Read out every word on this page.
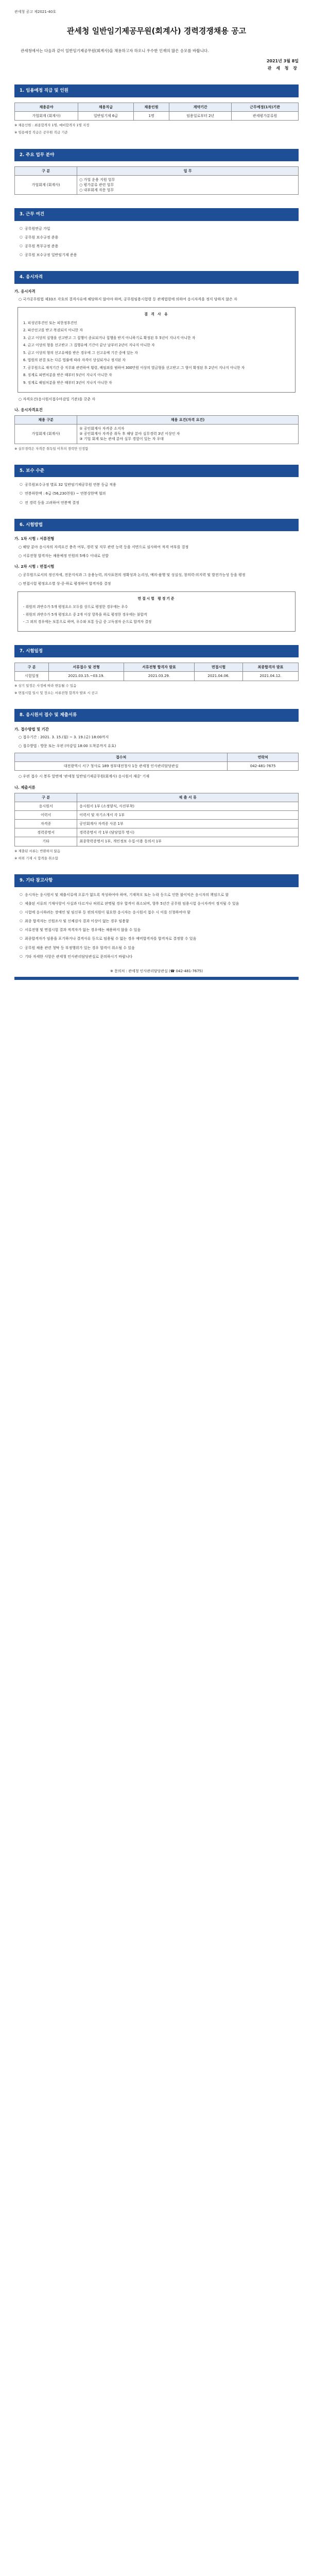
관세청 공고 제2021-40호
관세청 일반임기제공무원(회계사) 경력경쟁채용 공고

관세청에서는 다음과 같이 일반임기제공무원(회계사)을 채용하고자 하오니 우수한 인재의 많은 응모를 바랍니다.

2021년 3월 8일
관 세 청 장
1. 임용예정 직급 및 인원
채용분야	채용직급	채용인원	계약기간	근무예정(1차)기관
가업회계 (회계사)	일반임기제 6급	1명	임용일로부터 2년	관세평가분류원
※ 채용인원 : 최종합격자 1명, 예비합격자 1명 지정
※ 임용예정 직급은 공무원 직급 기준
2. 주요 업무 분야
구 분	업 무
가업회계 (회계사)	○ 가업 운용 지원 업무
○ 평가분류 관련 업무
○ 내부회계 자문 업무
3. 근무 여건
○ 공무원연금 가입
○ 공무원 보수규정 준용
○ 공무원 복무규정 준용
○ 공무원 보수규정 일반임기제 준용
4. 응시자격
가. 응시자격

○ 국가공무원법 제33조 각호의 결격사유에 해당하지 않아야 하며, 공무원임용시험령 등 관계법령에 의하여 응시자격을 정지 당하지 않은 자

결 격 사 유

1. 피성년후견인 또는 피한정후견인

2. 파산선고를 받고 복권되지 아니한 자

3. 금고 이상의 실형을 선고받고 그 집행이 종료되거나 집행을 받지 아니하기로 확정된 후 5년이 지나지 아니한 자

4. 금고 이상의 형을 선고받고 그 집행유예 기간이 끝난 날부터 2년이 지나지 아니한 자

5. 금고 이상의 형의 선고유예를 받은 경우에 그 선고유예 기간 중에 있는 자

6. 법원의 판결 또는 다른 법률에 따라 자격이 상실되거나 정지된 자

7. 공무원으로 재직기간 중 직무와 관련하여 횡령, 배임죄를 범하여 300만원 이상의 벌금형을 선고받고 그 형이 확정된 후 2년이 지나지 아니한 자

8. 징계로 파면처분을 받은 때부터 5년이 지나지 아니한 자

9. 징계로 해임처분을 받은 때부터 3년이 지나지 아니한 자

○ 자격요건(응시원서접수마감일 기준)을 갖춘 자

나. 응시자격요건
채용 구분	채용 요건(자격 요건)
가업회계 (회계사)	① 공인회계사 자격증 소지자
② 공인회계사 자격증 취득 후 해당 분야 실무경력 3년 이상인 자
③ 기업 회계 또는 관세 분야 실무 경험이 있는 자 우대
※ 실무경력은 자격증 취득일 이후의 경력만 인정함
5. 보수 수준
○ 공무원보수규정 별표 32 일반임기제공무원 연봉 등급 적용
○ 연봉하한액 : 6급 (56,230천원) ~ 연봉상한액 협의
○ 전 경력 등을 고려하여 연봉액 결정
6. 시험방법
가. 1차 시험 : 서류전형

○ 해당 분야 응시자의 자격요건 충족 여부, 경력 및 직무 관련 능력 등을 서면으로 심사하여 적격 여부를 결정

○ 서류전형 합격자는 채용예정 인원의 5배수 이내로 선발

나. 2차 시험 : 면접시험

○ 공무원으로서의 정신자세, 전문지식과 그 응용능력, 의사표현의 정확성과 논리성, 예의·품행 및 성실성, 창의력·의지력 및 발전가능성 등을 평정

○ 면접시험 평정요소별 상·중·하로 평정하여 합격자를 결정

면접시험 평정기준

- 위원의 과반수가 5개 평정요소 모두를 상으로 평정한 경우에는 우수

- 위원의 과반수가 5개 평정요소 중 2개 이상 항목을 하로 평정한 경우에는 불합격

- 그 외의 경우에는 보통으로 하며, 우수와 보통 등급 중 고득점자 순으로 합격자 결정

7. 시험일정
구 분	서류접수 및 전형	서류전형 합격자 발표	면접시험	최종합격자 발표
시험일정	2021.03.15.~03.19.	2021.03.29.	2021.04.06.	2021.04.12.
※ 상기 일정은 사정에 따라 변동될 수 있음
※ 면접시험 일시 및 장소는 서류전형 합격자 발표 시 공고
8. 응시원서 접수 및 제출서류
가. 접수방법 및 기간

○ 접수기간 : 2021. 3. 15.(월) ~ 3. 19.(금) 18:00까지

○ 접수방법 : 방문 또는 우편 (마감일 18:00 도착분까지 유효)

접수처	연락처
대전광역시 서구 청사로 189 정부대전청사 1동 관세청 인사관리담당관실	042-481-7675

○ 우편 접수 시 봉투 앞면에 '관세청 일반임기제공무원(회계사) 응시원서 재중' 기재

나. 제출서류
구 분	제 출 서 류
응시원서	응시원서 1부 (소정양식, 사진부착)
이력서	이력서 및 자기소개서 각 1부
자격증	공인회계사 자격증 사본 1부
경력증명서	경력증명서 각 1부 (담당업무 명시)
기타	최종학력증명서 1부, 개인정보 수집·이용 동의서 1부
※ 제출된 서류는 반환하지 않음
※ 허위 기재 시 합격을 취소함
9. 기타 참고사항
○ 응시자는 응시원서 및 제출서류에 오류가 없도록 작성하여야 하며, 기재착오 또는 누락 등으로 인한 불이익은 응시자의 책임으로 함
○ 제출된 서류의 기재사항이 사실과 다르거나 허위로 판명될 경우 합격이 취소되며, 향후 5년간 공무원 임용시험 응시자격이 정지될 수 있음
○ 시험에 응시하려는 장애인 및 임신부 등 편의지원이 필요한 응시자는 응시원서 접수 시 이를 신청하여야 함
○ 최종 합격자는 신원조사 및 신체검사 결과 이상이 없는 경우 임용함
○ 서류전형 및 면접시험 결과 적격자가 없는 경우에는 채용하지 않을 수 있음
○ 최종합격자가 임용을 포기하거나 결격사유 등으로 임용될 수 없는 경우 예비합격자를 합격자로 결정할 수 있음
○ 공무원 채용 관련 청탁 등 부정행위가 있는 경우 합격이 취소될 수 있음
○ 기타 자세한 사항은 관세청 인사관리담당관실로 문의하시기 바랍니다
※ 문의처 : 관세청 인사관리담당관실 (☎ 042-481-7675)
